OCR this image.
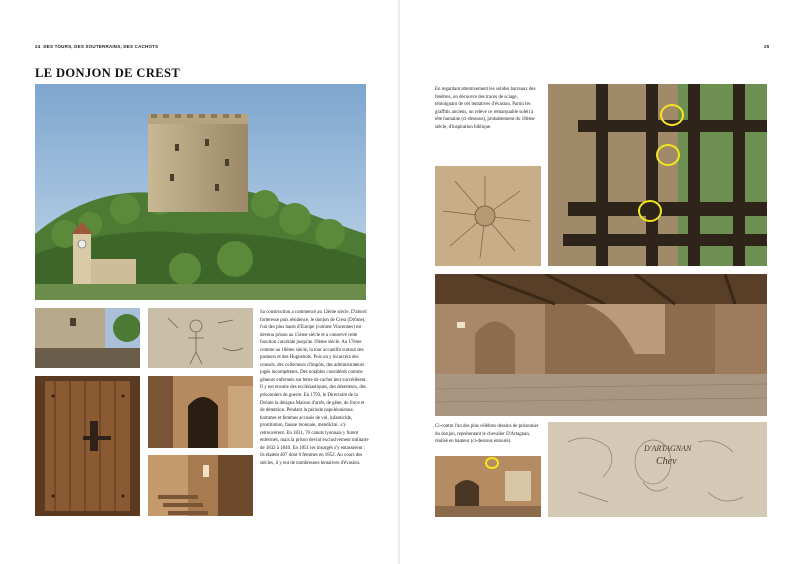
24 DES TOURS, DES SOUTERRAINS, DES CACHOTS
LE DONJON DE CREST
Sa construction a commencé au 12ème siècle. D'abord forteresse puis résidence, le donjon de Crest (Drôme), l'un des plus hauts d'Europe (comme Vincennes) est devenu prison au 15ème siècle et a conservé cette fonction carcérale jusqu'au 19ème siècle. Au 17ème comme au 18ème siècle, la tour accueillit surtout des pasteurs et des Huguenots. Puis on y incarcéra des consuls, des collecteurs d'impôts, des administrateurs jugés incompétents. Des notables considérés comme gêneurs enfermés sur lettre de cachet leur succédèrent. Il y eut ensuite des ecclésiastiques, des déserteurs, des prisonniers de guerre. En 1793, le Directoire de la Drôme la désigna Maison d'arrêt, de gêne, de force et de détention. Pendant la période napoléonienne, hommes et femmes accusés de vol, infanticide, prostitution, fausse monnaie, mendicité...s'y retrouvèrent. En 1831, 70 canuts lyonnais y furent enfermés, mais la prison devint exclusivement militaire de 1832 à 1840. En 1851 les insurgés s'y entassèrent : ils étaient 407 dont 6 femmes en 1852. Au cours des siècles, il y eut de nombreuses tentatives d'évasion.
25
En regardant attentivement les solides barreaux des fenêtres, on découvre des traces de sciage, témoignant de ces tentatives d'évasion. Parmi les graffitis anciens, on relève ce remarquable soleil à tête humaine (ci-dessous), probablement du 18ème siècle, d'inspiration biblique.
Ci-contre l'un des plus célèbres dessins de prisonnier du donjon, représentant le chevalier D'Artagnan, réalisé en hauteur (ci-dessous entouré).
D'ARTAGNAN
Chev
